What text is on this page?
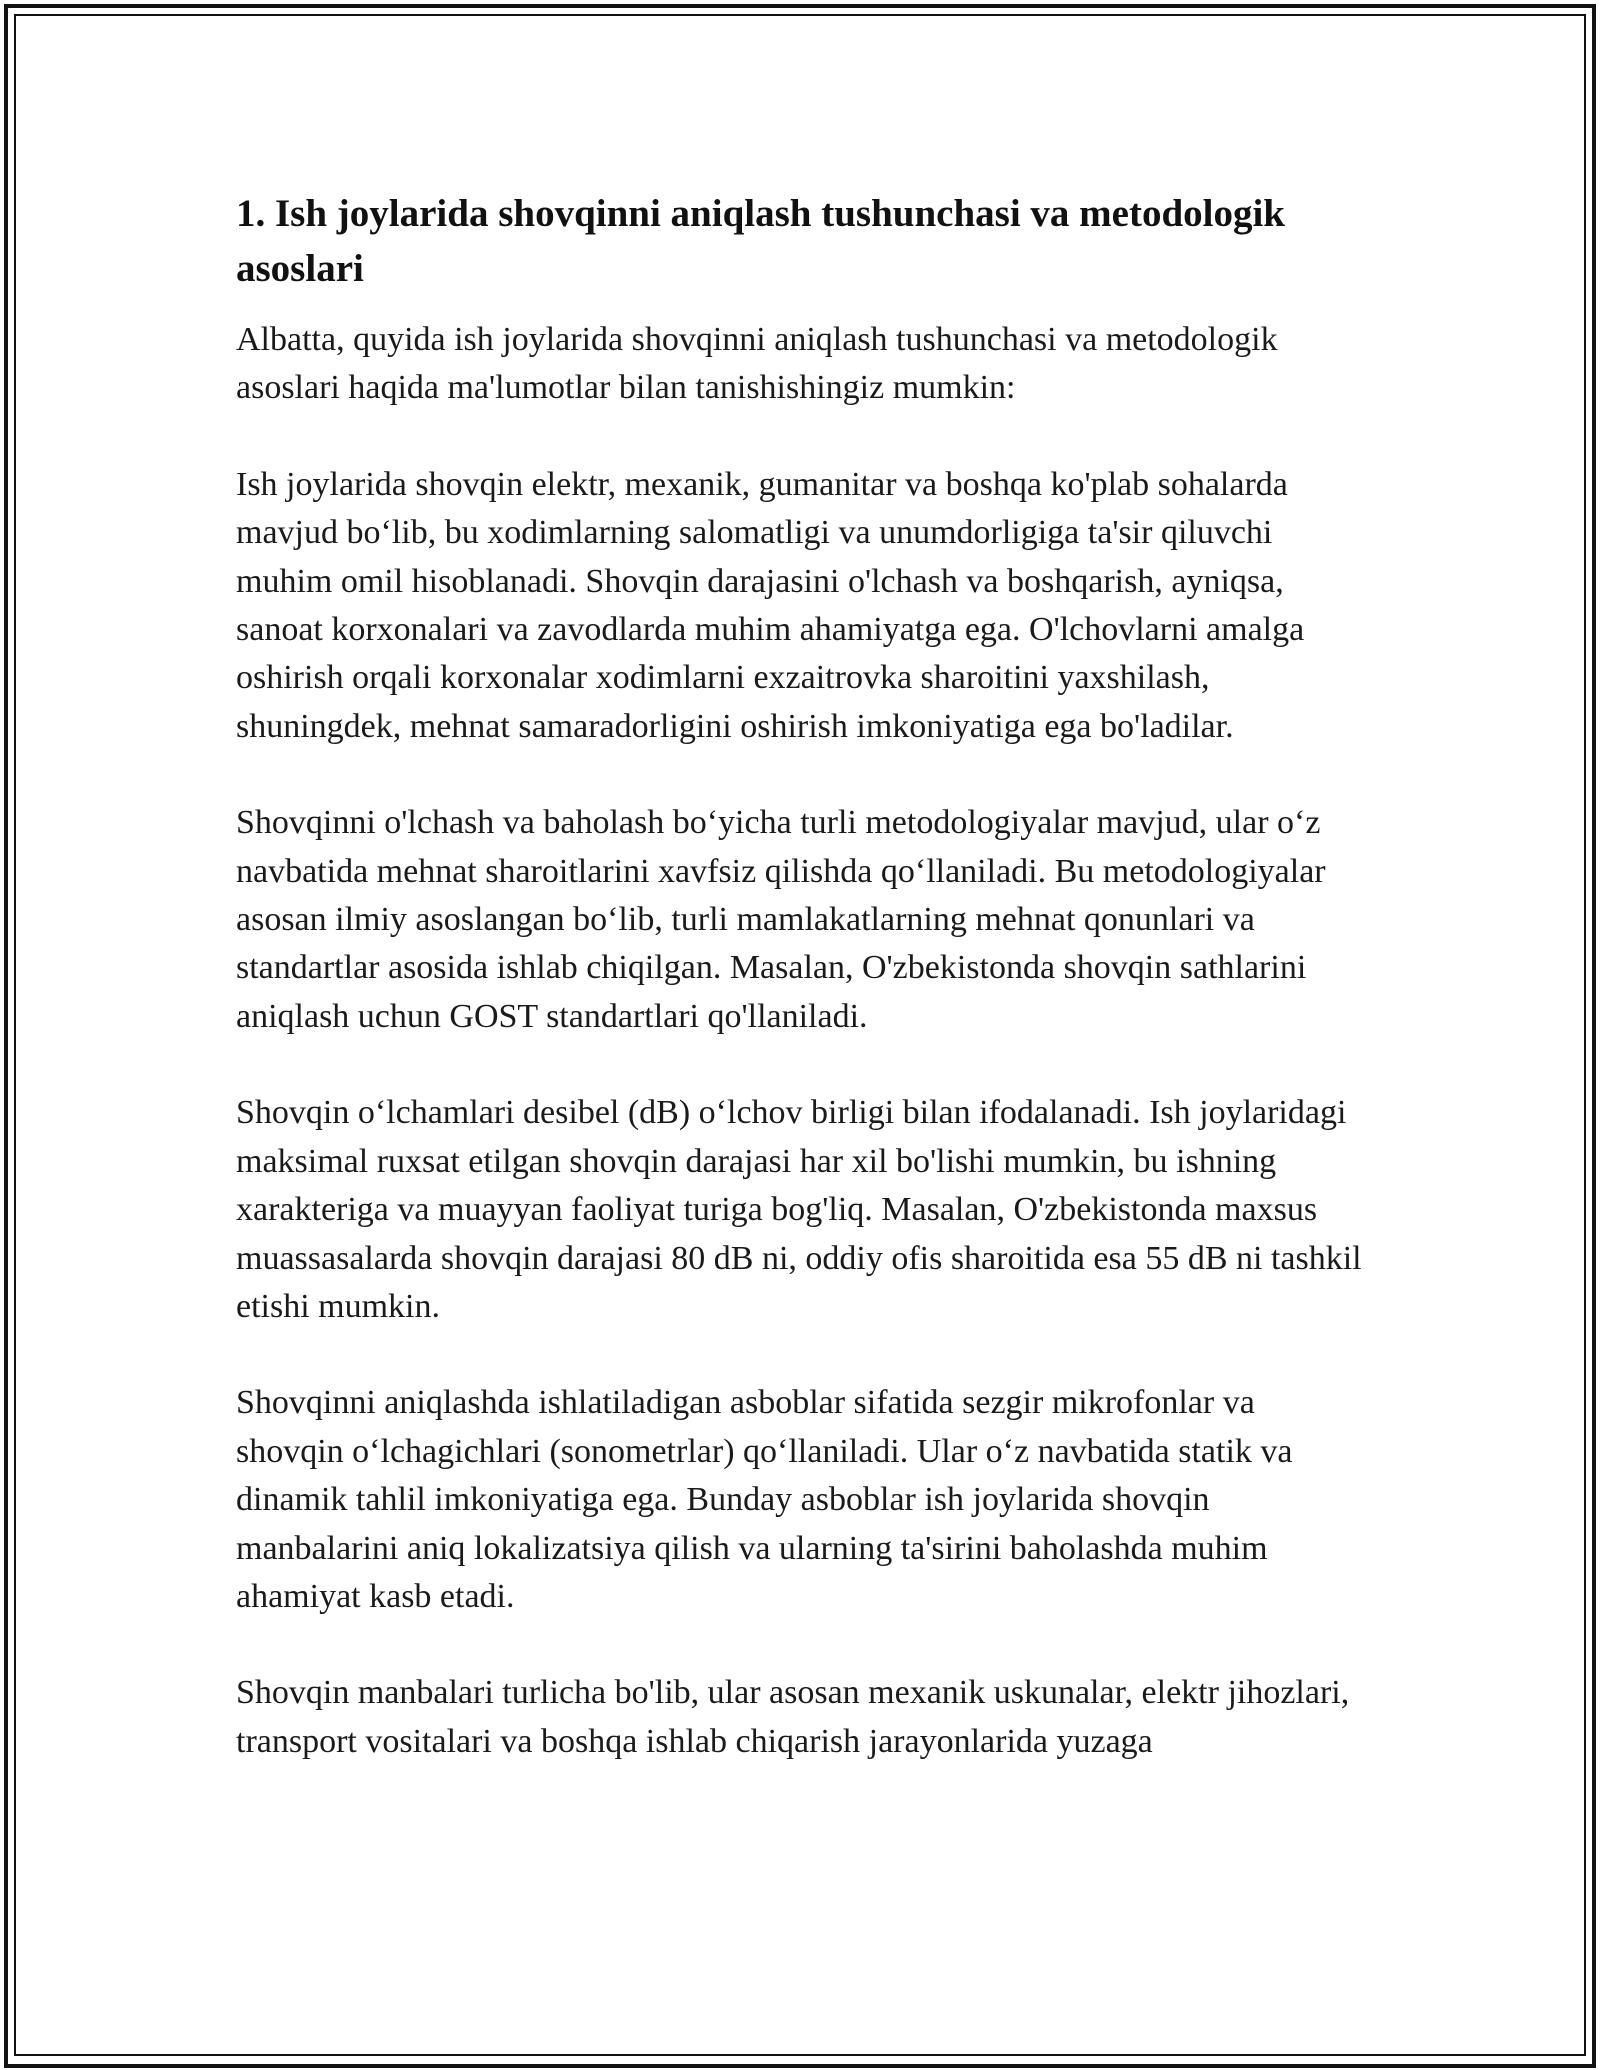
1. Ish joylarida shovqinni aniqlash tushunchasi va metodologik asoslari

Albatta, quyida ish joylarida shovqinni aniqlash tushunchasi va metodologik asoslari haqida ma'lumotlar bilan tanishishingiz mumkin:

Ish joylarida shovqin elektr, mexanik, gumanitar va boshqa ko'plab sohalarda mavjud bo‘lib, bu xodimlarning salomatligi va unumdorligiga ta'sir qiluvchi muhim omil hisoblanadi. Shovqin darajasini o'lchash va boshqarish, ayniqsa, sanoat korxonalari va zavodlarda muhim ahamiyatga ega. O'lchovlarni amalga oshirish orqali korxonalar xodimlarni exzaitrovka sharoitini yaxshilash, shuningdek, mehnat samaradorligini oshirish imkoniyatiga ega bo'ladilar.

Shovqinni o'lchash va baholash bo‘yicha turli metodologiyalar mavjud, ular o‘z navbatida mehnat sharoitlarini xavfsiz qilishda qo‘llaniladi. Bu metodologiyalar asosan ilmiy asoslangan bo‘lib, turli mamlakatlarning mehnat qonunlari va standartlar asosida ishlab chiqilgan. Masalan, O'zbekistonda shovqin sathlarini aniqlash uchun GOST standartlari qo'llaniladi.

Shovqin o‘lchamlari desibel (dB) o‘lchov birligi bilan ifodalanadi. Ish joylaridagi maksimal ruxsat etilgan shovqin darajasi har xil bo'lishi mumkin, bu ishning xarakteriga va muayyan faoliyat turiga bog'liq. Masalan, O'zbekistonda maxsus muassasalarda shovqin darajasi 80 dB ni, oddiy ofis sharoitida esa 55 dB ni tashkil etishi mumkin.

Shovqinni aniqlashda ishlatiladigan asboblar sifatida sezgir mikrofonlar va shovqin o‘lchagichlari (sonometrlar) qo‘llaniladi. Ular o‘z navbatida statik va dinamik tahlil imkoniyatiga ega. Bunday asboblar ish joylarida shovqin manbalarini aniq lokalizatsiya qilish va ularning ta'sirini baholashda muhim ahamiyat kasb etadi.

Shovqin manbalari turlicha bo'lib, ular asosan mexanik uskunalar, elektr jihozlari, transport vositalari va boshqa ishlab chiqarish jarayonlarida yuzaga
